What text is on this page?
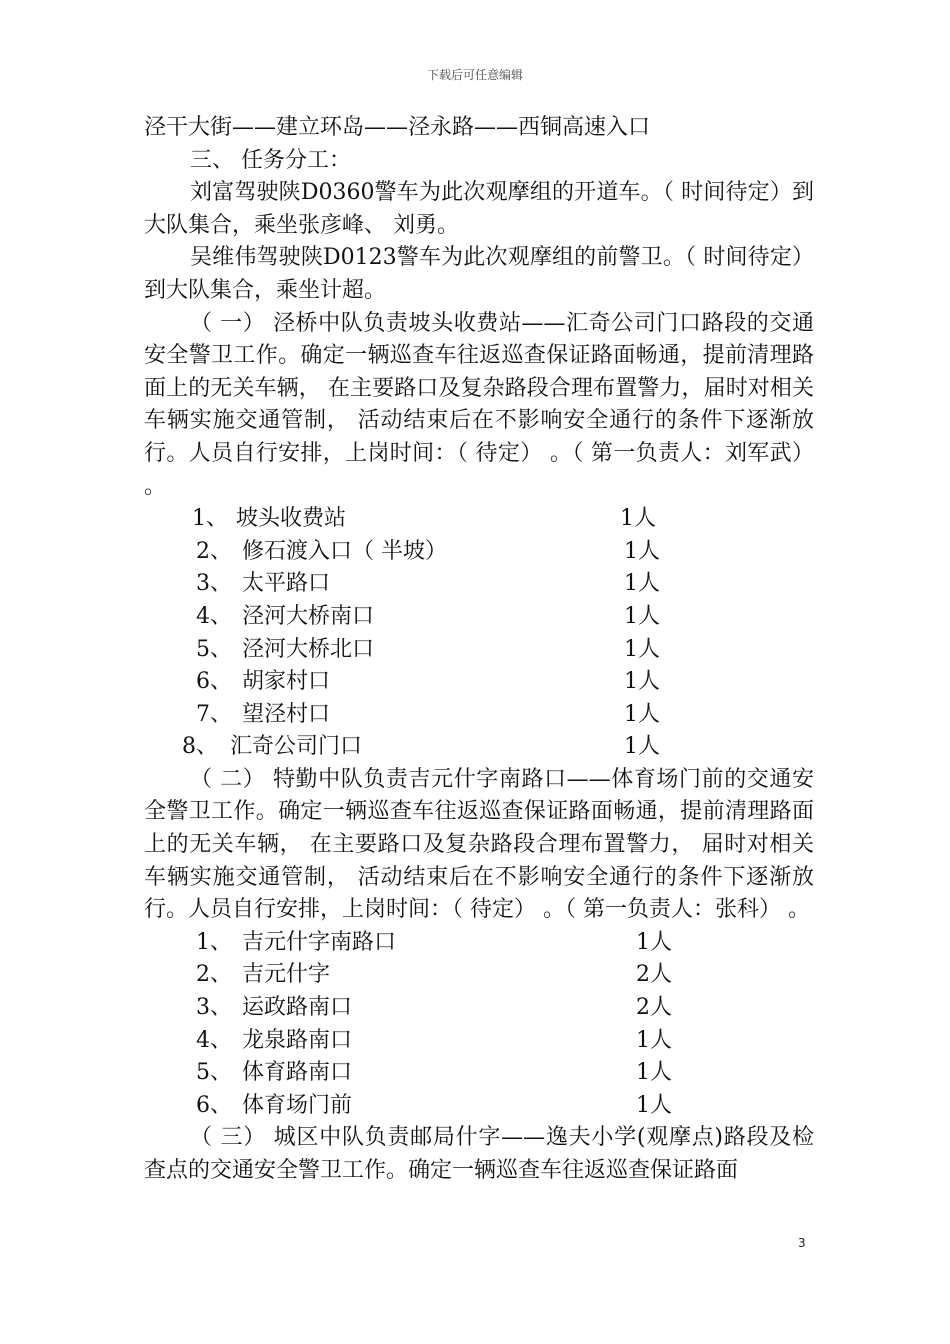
下载后可任意编辑
泾干大街——建立环岛——泾永路——西铜高速入口
三、 任务分工：

刘富驾驶陕D0360警车为此次观摩组的开道车。（ 时间待定）到大队集合，乘坐张彦峰、 刘勇。

吴维伟驾驶陕D0123警车为此次观摩组的前警卫。（ 时间待定）到大队集合，乘坐计超。

（ 一） 泾桥中队负责坡头收费站——汇奇公司门口路段的交通安全警卫工作。确定一辆巡查车往返巡查保证路面畅通，提前清理路面上的无关车辆， 在主要路口及复杂路段合理布置警力，届时对相关车辆实施交通管制， 活动结束后在不影响安全通行的条件下逐渐放行。人员自行安排，上岗时间：（ 待定） 。（ 第一负责人：刘军武） 。

1、 坡头收费站	1人
2、 修石渡入口（ 半坡）	1人
3、 太平路口	1人
4、 泾河大桥南口	1人
5、 泾河大桥北口	1人
6、 胡家村口	1人
7、 望泾村口	1人
8、 汇奇公司门口	1人

（ 二） 特勤中队负责吉元什字南路口——体育场门前的交通安全警卫工作。确定一辆巡查车往返巡查保证路面畅通，提前清理路面上的无关车辆， 在主要路口及复杂路段合理布置警力， 届时对相关车辆实施交通管制， 活动结束后在不影响安全通行的条件下逐渐放行。人员自行安排，上岗时间：（ 待定） 。（ 第一负责人：张科） 。

1、 吉元什字南路口	1人
2、 吉元什字	2人
3、 运政路南口	2人
4、 龙泉路南口	1人
5、 体育路南口	1人
6、 体育场门前	1人

（ 三） 城区中队负责邮局什字——逸夫小学(观摩点)路段及检查点的交通安全警卫工作。确定一辆巡查车往返巡查保证路面

3
